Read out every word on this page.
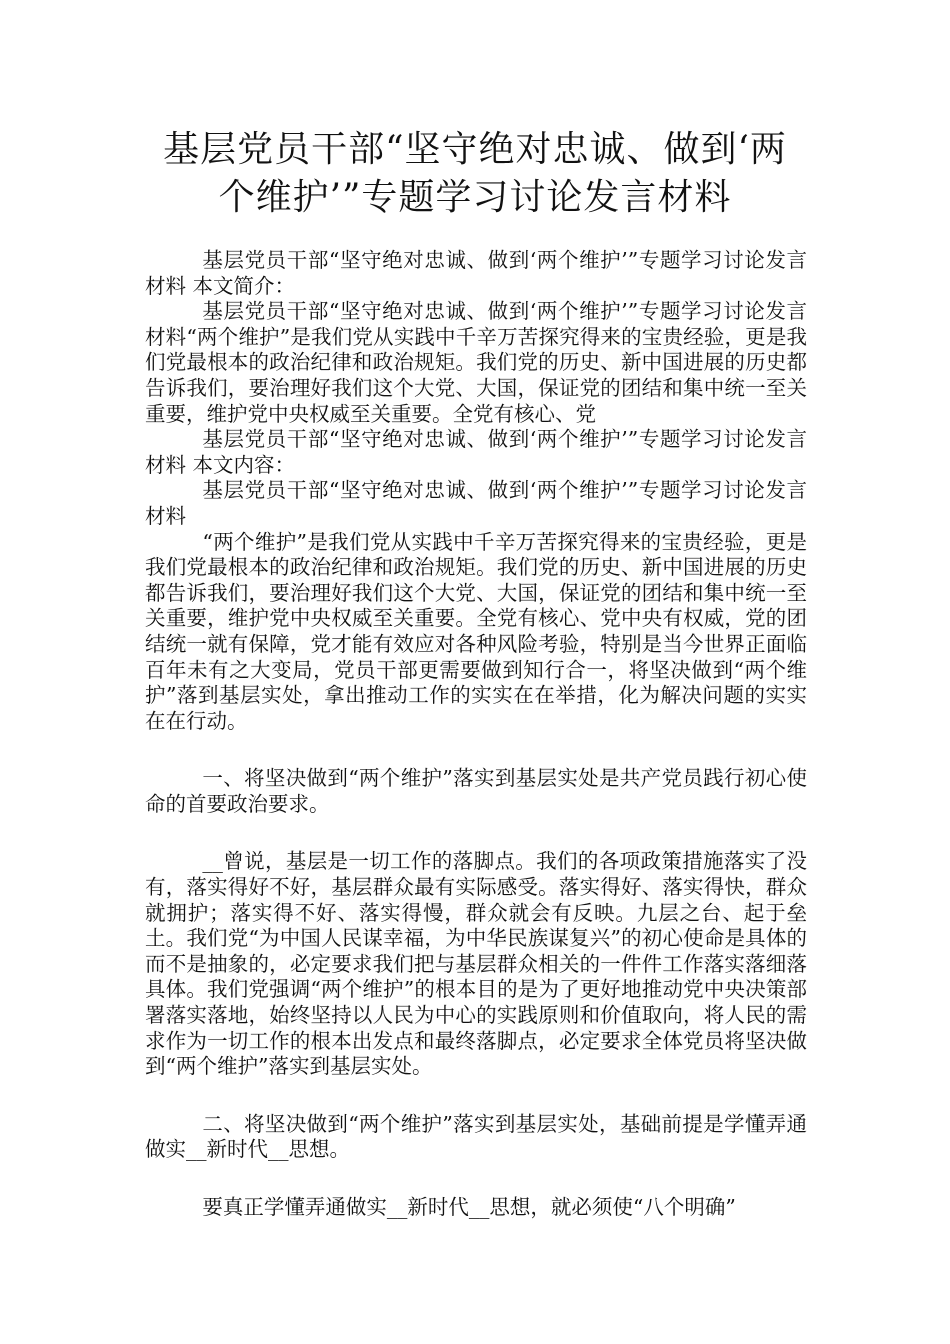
基层党员干部“坚守绝对忠诚、做到‘两
个维护’”专题学习讨论发言材料

基层党员干部“坚守绝对忠诚、做到‘两个维护’”专题学习讨论发言材料 本文简介：

基层党员干部“坚守绝对忠诚、做到‘两个维护’”专题学习讨论发言材料“两个维护”是我们党从实践中千辛万苦探究得来的宝贵经验，更是我们党最根本的政治纪律和政治规矩。我们党的历史、新中国进展的历史都告诉我们，要治理好我们这个大党、大国，保证党的团结和集中统一至关重要，维护党中央权威至关重要。全党有核心、党

基层党员干部“坚守绝对忠诚、做到‘两个维护’”专题学习讨论发言材料 本文内容：

基层党员干部“坚守绝对忠诚、做到‘两个维护’”专题学习讨论发言材料

“两个维护”是我们党从实践中千辛万苦探究得来的宝贵经验，更是我们党最根本的政治纪律和政治规矩。我们党的历史、新中国进展的历史都告诉我们，要治理好我们这个大党、大国，保证党的团结和集中统一至关重要，维护党中央权威至关重要。全党有核心、党中央有权威，党的团结统一就有保障，党才能有效应对各种风险考验，特别是当今世界正面临百年未有之大变局，党员干部更需要做到知行合一，将坚决做到“两个维护”落到基层实处，拿出推动工作的实实在在举措，化为解决问题的实实在在行动。

一、将坚决做到“两个维护”落实到基层实处是共产党员践行初心使命的首要政治要求。

__曾说，基层是一切工作的落脚点。我们的各项政策措施落实了没有，落实得好不好，基层群众最有实际感受。落实得好、落实得快，群众就拥护；落实得不好、落实得慢，群众就会有反映。九层之台、起于垒土。我们党“为中国人民谋幸福，为中华民族谋复兴”的初心使命是具体的而不是抽象的，必定要求我们把与基层群众相关的一件件工作落实落细落具体。我们党强调“两个维护”的根本目的是为了更好地推动党中央决策部署落实落地，始终坚持以人民为中心的实践原则和价值取向，将人民的需求作为一切工作的根本出发点和最终落脚点，必定要求全体党员将坚决做到“两个维护”落实到基层实处。

二、将坚决做到“两个维护”落实到基层实处，基础前提是学懂弄通做实__新时代__思想。

要真正学懂弄通做实__新时代__思想，就必须使“八个明确”
